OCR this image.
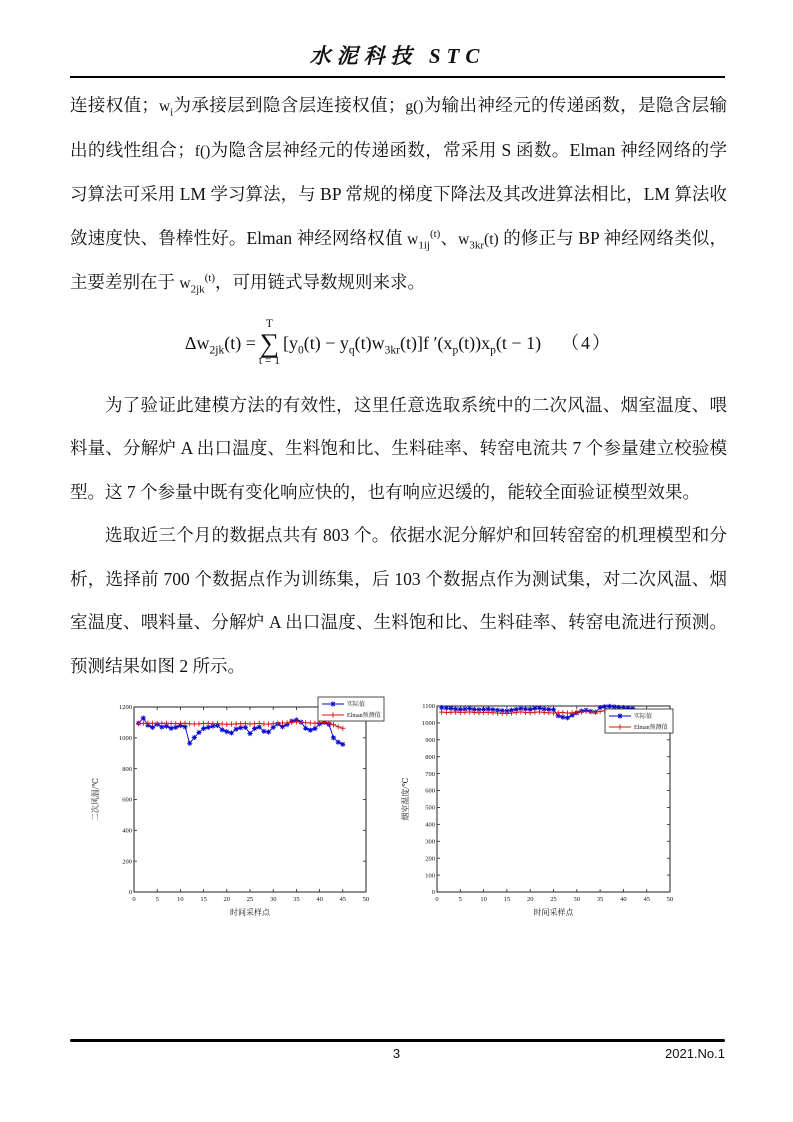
水泥科技 STC

连接权值；$w_i$为承接层到隐含层连接权值；g()为输出神经元的传递函数，是隐含层输出的线性组合；f()为隐含层神经元的传递函数，常采用 S 函数。Elman 神经网络的学习算法可采用 LM 学习算法，与 BP 常规的梯度下降法及其改进算法相比，LM 算法收敛速度快、鲁棒性好。Elman 神经网络权值 $w_{1ij}^{(t)}$、$w_{3kr}(t)$ 的修正与 BP 神经网络类似，主要差别在于 $w_{2jk}^{(t)}$，可用链式导数规则来求。

$\Delta w_{2jk}(t)$ =
T
∑
t = 1
$[y_0(t) - y_q(t)w_{3kr}(t)]f$ $'(x_p(t))x_p(t - 1)$ （4）

为了验证此建模方法的有效性，这里任意选取系统中的二次风温、烟室温度、喂料量、分解炉 A 出口温度、生料饱和比、生料硅率、转窑电流共 7 个参量建立校验模型。这 7 个参量中既有变化响应快的，也有响应迟缓的，能较全面验证模型效果。

选取近三个月的数据点共有 803 个。依据水泥分解炉和回转窑窑的机理模型和分析，选择前 700 个数据点作为训练集，后 103 个数据点作为测试集，对二次风温、烟室温度、喂料量、分解炉 A 出口温度、生料饱和比、生料硅率、转窑电流进行预测。预测结果如图 2 所示。

0	5	10	15	20	25	30	35	40	45	50
0
200
400
600
800
1000
1200
时间采样点
二次风温/℃
实际值
Elman预测值
0	5	10	15	20	25	30	35	40	45	50
0
100
200
300
400
500
600
700
800
900
1000
1100
时间采样点
烟室温度/℃
实际值
Elman预测值
3	2021.No.1
